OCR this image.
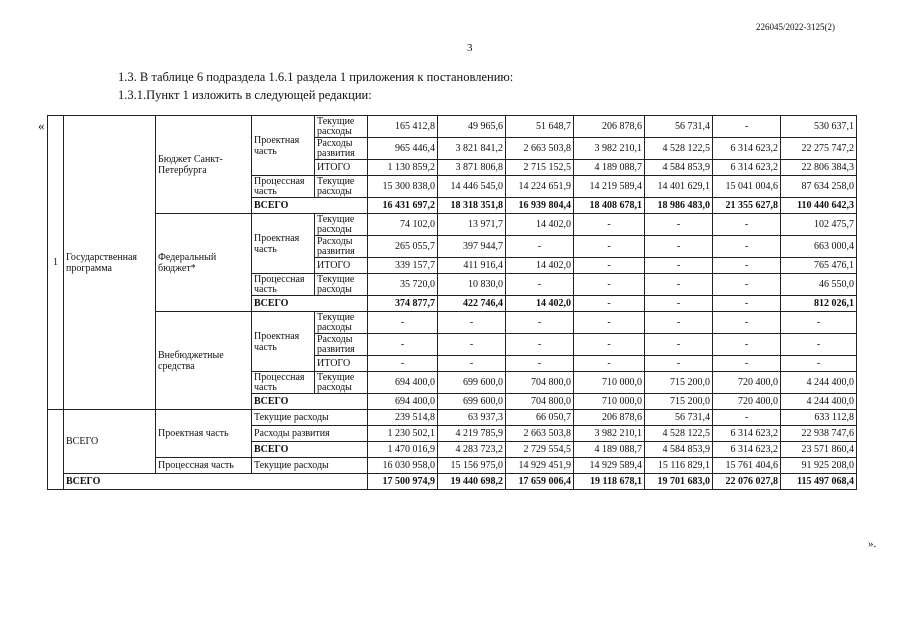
226045/2022-3125(2)
3
1.3. В таблице 6 подраздела 1.6.1 раздела 1 приложения к постановлению:
1.3.1.Пункт 1 изложить в следующей редакции:
«
».
1	Государственная программа	Бюджет Санкт-Петербурга	Проектная часть	Текущие расходы	165 412,8	49 965,6	51 648,7	206 878,6	56 731,4	-	530 637,1
				Расходы развития	965 446,4	3 821 841,2	2 663 503,8	3 982 210,1	4 528 122,5	6 314 623,2	22 275 747,2
				ИТОГО	1 130 859,2	3 871 806,8	2 715 152,5	4 189 088,7	4 584 853,9	6 314 623,2	22 806 384,3
			Процессная часть	Текущие расходы	15 300 838,0	14 446 545,0	14 224 651,9	14 219 589,4	14 401 629,1	15 041 004,6	87 634 258,0
			ВСЕГО		16 431 697,2	18 318 351,8	16 939 804,4	18 408 678,1	18 986 483,0	21 355 627,8	110 440 642,3
		Федеральный бюджет*	Проектная часть	Текущие расходы	74 102,0	13 971,7	14 402,0	-	-	-	102 475,7
				Расходы развития	265 055,7	397 944,7	-	-	-	-	663 000,4
				ИТОГО	339 157,7	411 916,4	14 402,0	-	-	-	765 476,1
			Процессная часть	Текущие расходы	35 720,0	10 830,0	-	-	-	-	46 550,0
			ВСЕГО		374 877,7	422 746,4	14 402,0	-	-	-	812 026,1
		Внебюджетные средства	Проектная часть	Текущие расходы	-	-	-	-	-	-	-
				Расходы развития	-	-	-	-	-	-	-
				ИТОГО	-	-	-	-	-	-	-
			Процессная часть	Текущие расходы	694 400,0	699 600,0	704 800,0	710 000,0	715 200,0	720 400,0	4 244 400,0
			ВСЕГО		694 400,0	699 600,0	704 800,0	710 000,0	715 200,0	720 400,0	4 244 400,0
	ВСЕГО	Проектная часть	Текущие расходы		239 514,8	63 937,3	66 050,7	206 878,6	56 731,4	-	633 112,8
			Расходы развития		1 230 502,1	4 219 785,9	2 663 503,8	3 982 210,1	4 528 122,5	6 314 623,2	22 938 747,6
			ВСЕГО		1 470 016,9	4 283 723,2	2 729 554,5	4 189 088,7	4 584 853,9	6 314 623,2	23 571 860,4
		Процессная часть	Текущие расходы		16 030 958,0	15 156 975,0	14 929 451,9	14 929 589,4	15 116 829,1	15 761 404,6	91 925 208,0
	ВСЕГО				17 500 974,9	19 440 698,2	17 659 006,4	19 118 678,1	19 701 683,0	22 076 027,8	115 497 068,4
